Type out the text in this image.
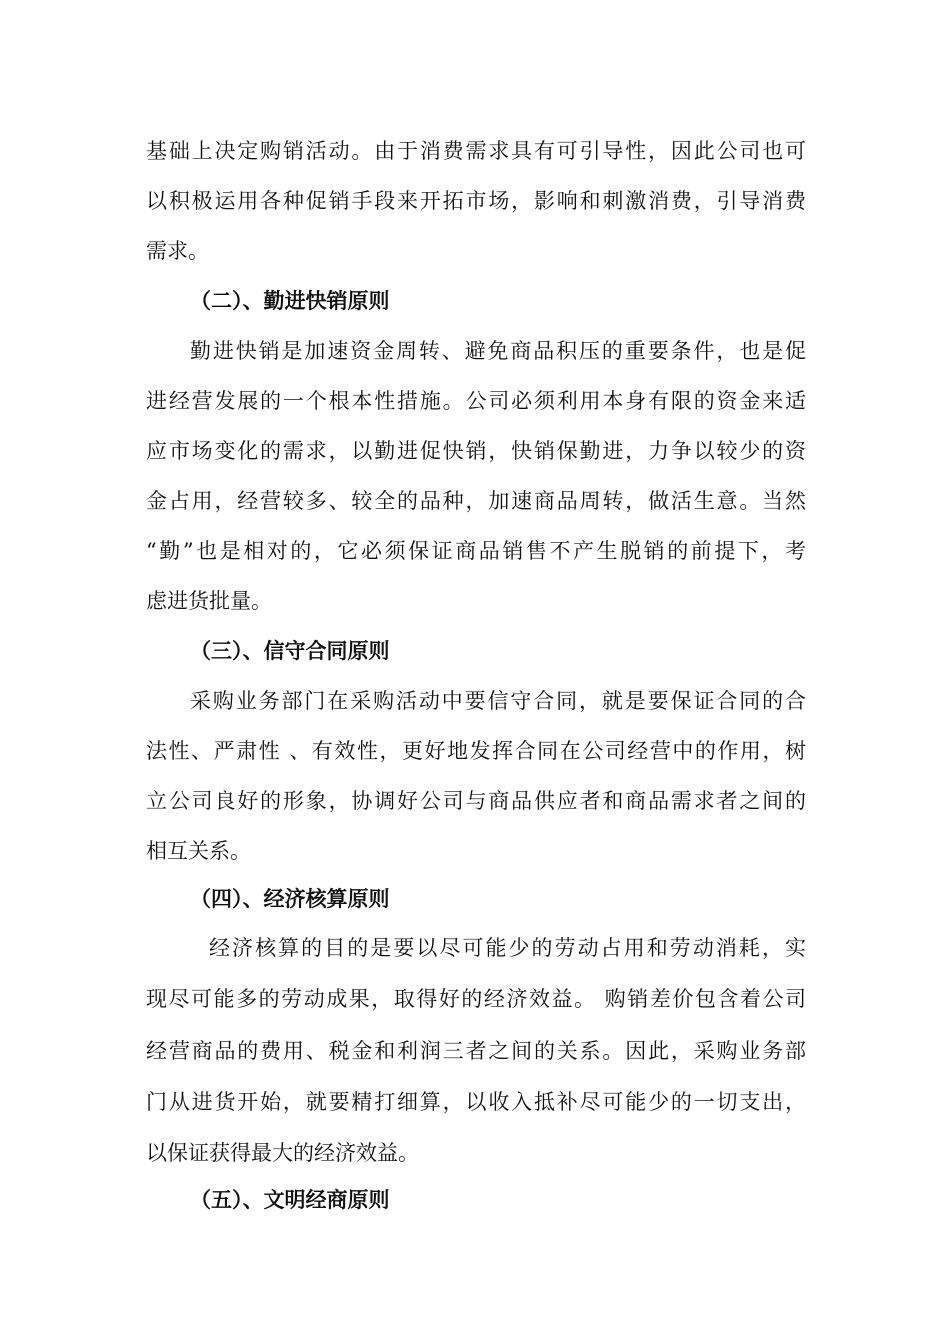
基础上决定购销活动。由于消费需求具有可引导性，因此公司也可
以积极运用各种促销手段来开拓市场，影响和刺激消费，引导消费
需求。
（二）、勤进快销原则
勤进快销是加速资金周转、避免商品积压的重要条件，也是促
进经营发展的一个根本性措施。公司必须利用本身有限的资金来适
应市场变化的需求，以勤进促快销，快销保勤进，力争以较少的资
金占用，经营较多、较全的品种，加速商品周转，做活生意。当然
“勤”也是相对的，它必须保证商品销售不产生脱销的前提下，考
虑进货批量。
（三）、信守合同原则
采购业务部门在采购活动中要信守合同，就是要保证合同的合
法性、严肃性 、有效性，更好地发挥合同在公司经营中的作用，树
立公司良好的形象，协调好公司与商品供应者和商品需求者之间的
相互关系。
（四）、经济核算原则
经济核算的目的是要以尽可能少的劳动占用和劳动消耗，实
现尽可能多的劳动成果，取得好的经济效益。 购销差价包含着公司
经营商品的费用、税金和利润三者之间的关系。因此，采购业务部
门从进货开始，就要精打细算，以收入抵补尽可能少的一切支出，
以保证获得最大的经济效益。
（五）、文明经商原则
